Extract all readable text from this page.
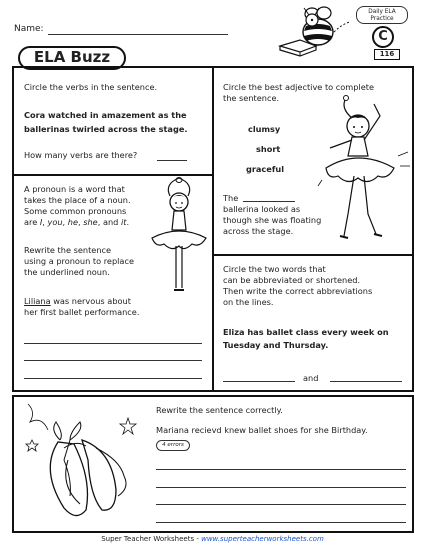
Name:
ELA Buzz
Daily ELA
Practice
C
116
Circle the verbs in the sentence.
Cora watched in amazement as the
ballerinas twirled across the stage.
How many verbs are there?
Circle the best adjective to complete
the sentence.
clumsy
short
graceful
The
ballerina looked as
though she was floating
across the stage.
A pronoun is a word that
takes the place of a noun.
Some common pronouns
are I, you, he, she, and it.
Rewrite the sentence
using a pronoun to replace
the underlined noun.
Liliana was nervous about
her first ballet performance.
Circle the two words that
can be abbreviated or shortened.
Then write the correct abbreviations
on the lines.
Eliza has ballet class every week on
Tuesday and Thursday.
and
Rewrite the sentence correctly.
Mariana recievd knew ballet shoes for she Birthday.
4 errors
Super Teacher Worksheets - www.superteacherworksheets.com
